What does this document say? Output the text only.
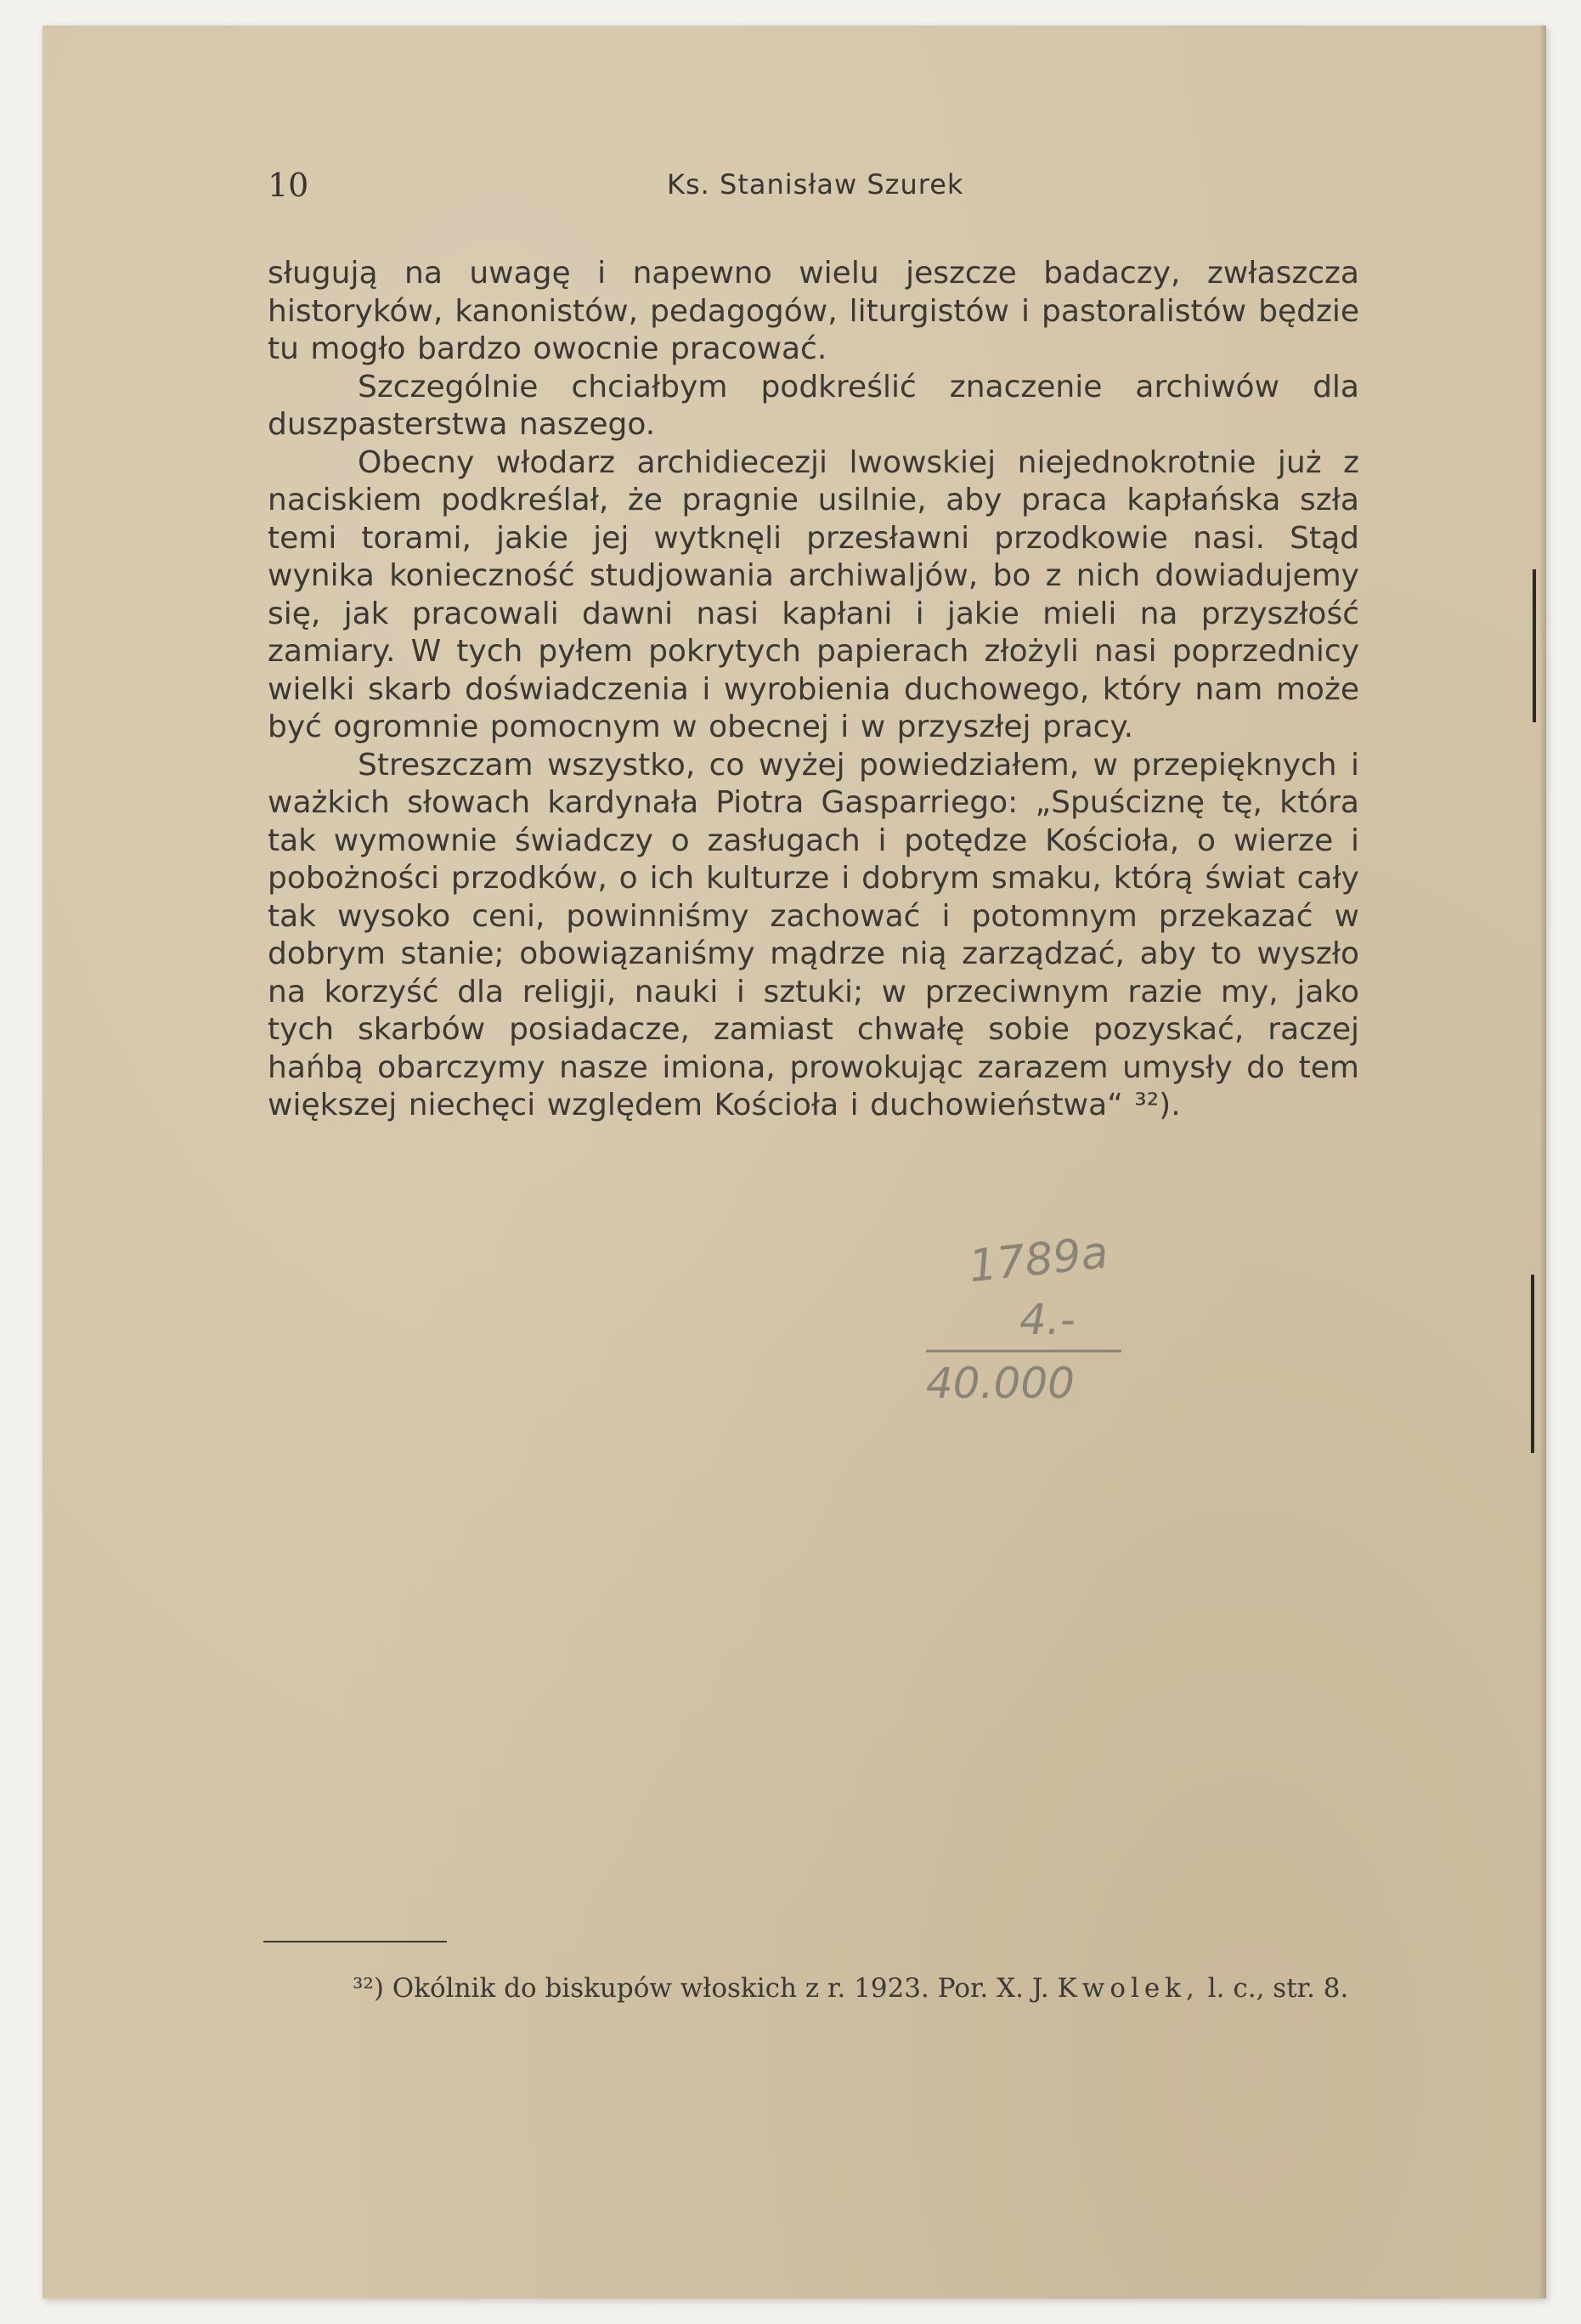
10	Ks. Stanisław Szurek

sługują na uwagę i napewno wielu jeszcze badaczy, zwłaszcza historyków, kanonistów, pedagogów, liturgistów i pastoralistów będzie tu mogło bardzo owocnie pracować.

Szczególnie chciałbym podkreślić znaczenie archiwów dla duszpasterstwa naszego.

Obecny włodarz archidiecezji lwowskiej niejednokrotnie już z naciskiem podkreślał, że pragnie usilnie, aby praca kapłańska szła temi torami, jakie jej wytknęli przesławni przodkowie nasi. Stąd wynika konieczność studjowania archiwaljów, bo z nich dowiadujemy się, jak pracowali dawni nasi kapłani i jakie mieli na przyszłość zamiary. W tych pyłem pokrytych papierach złożyli nasi poprzednicy wielki skarb doświadczenia i wyrobienia duchowego, który nam może być ogromnie pomocnym w obecnej i w przyszłej pracy.

Streszczam wszystko, co wyżej powiedziałem, w przepięknych i ważkich słowach kardynała Piotra Gasparriego: „Spuściznę tę, która tak wymownie świadczy o zasługach i potędze Kościoła, o wierze i pobożności przodków, o ich kulturze i dobrym smaku, którą świat cały tak wysoko ceni, powinniśmy zachować i potomnym przekazać w dobrym stanie; obowiązaniśmy mądrze nią zarządzać, aby to wyszło na korzyść dla religji, nauki i sztuki; w przeciwnym razie my, jako tych skarbów posiadacze, zamiast chwałę sobie pozyskać, raczej hańbą obarczymy nasze imiona, prowokując zarazem umysły do tem większej niechęci względem Kościoła i duchowieństwa“ ³²).

1789a
4.-
40.000

³²) Okólnik do biskupów włoskich z r. 1923. Por. X. J. Kwolek, l. c., str. 8.
